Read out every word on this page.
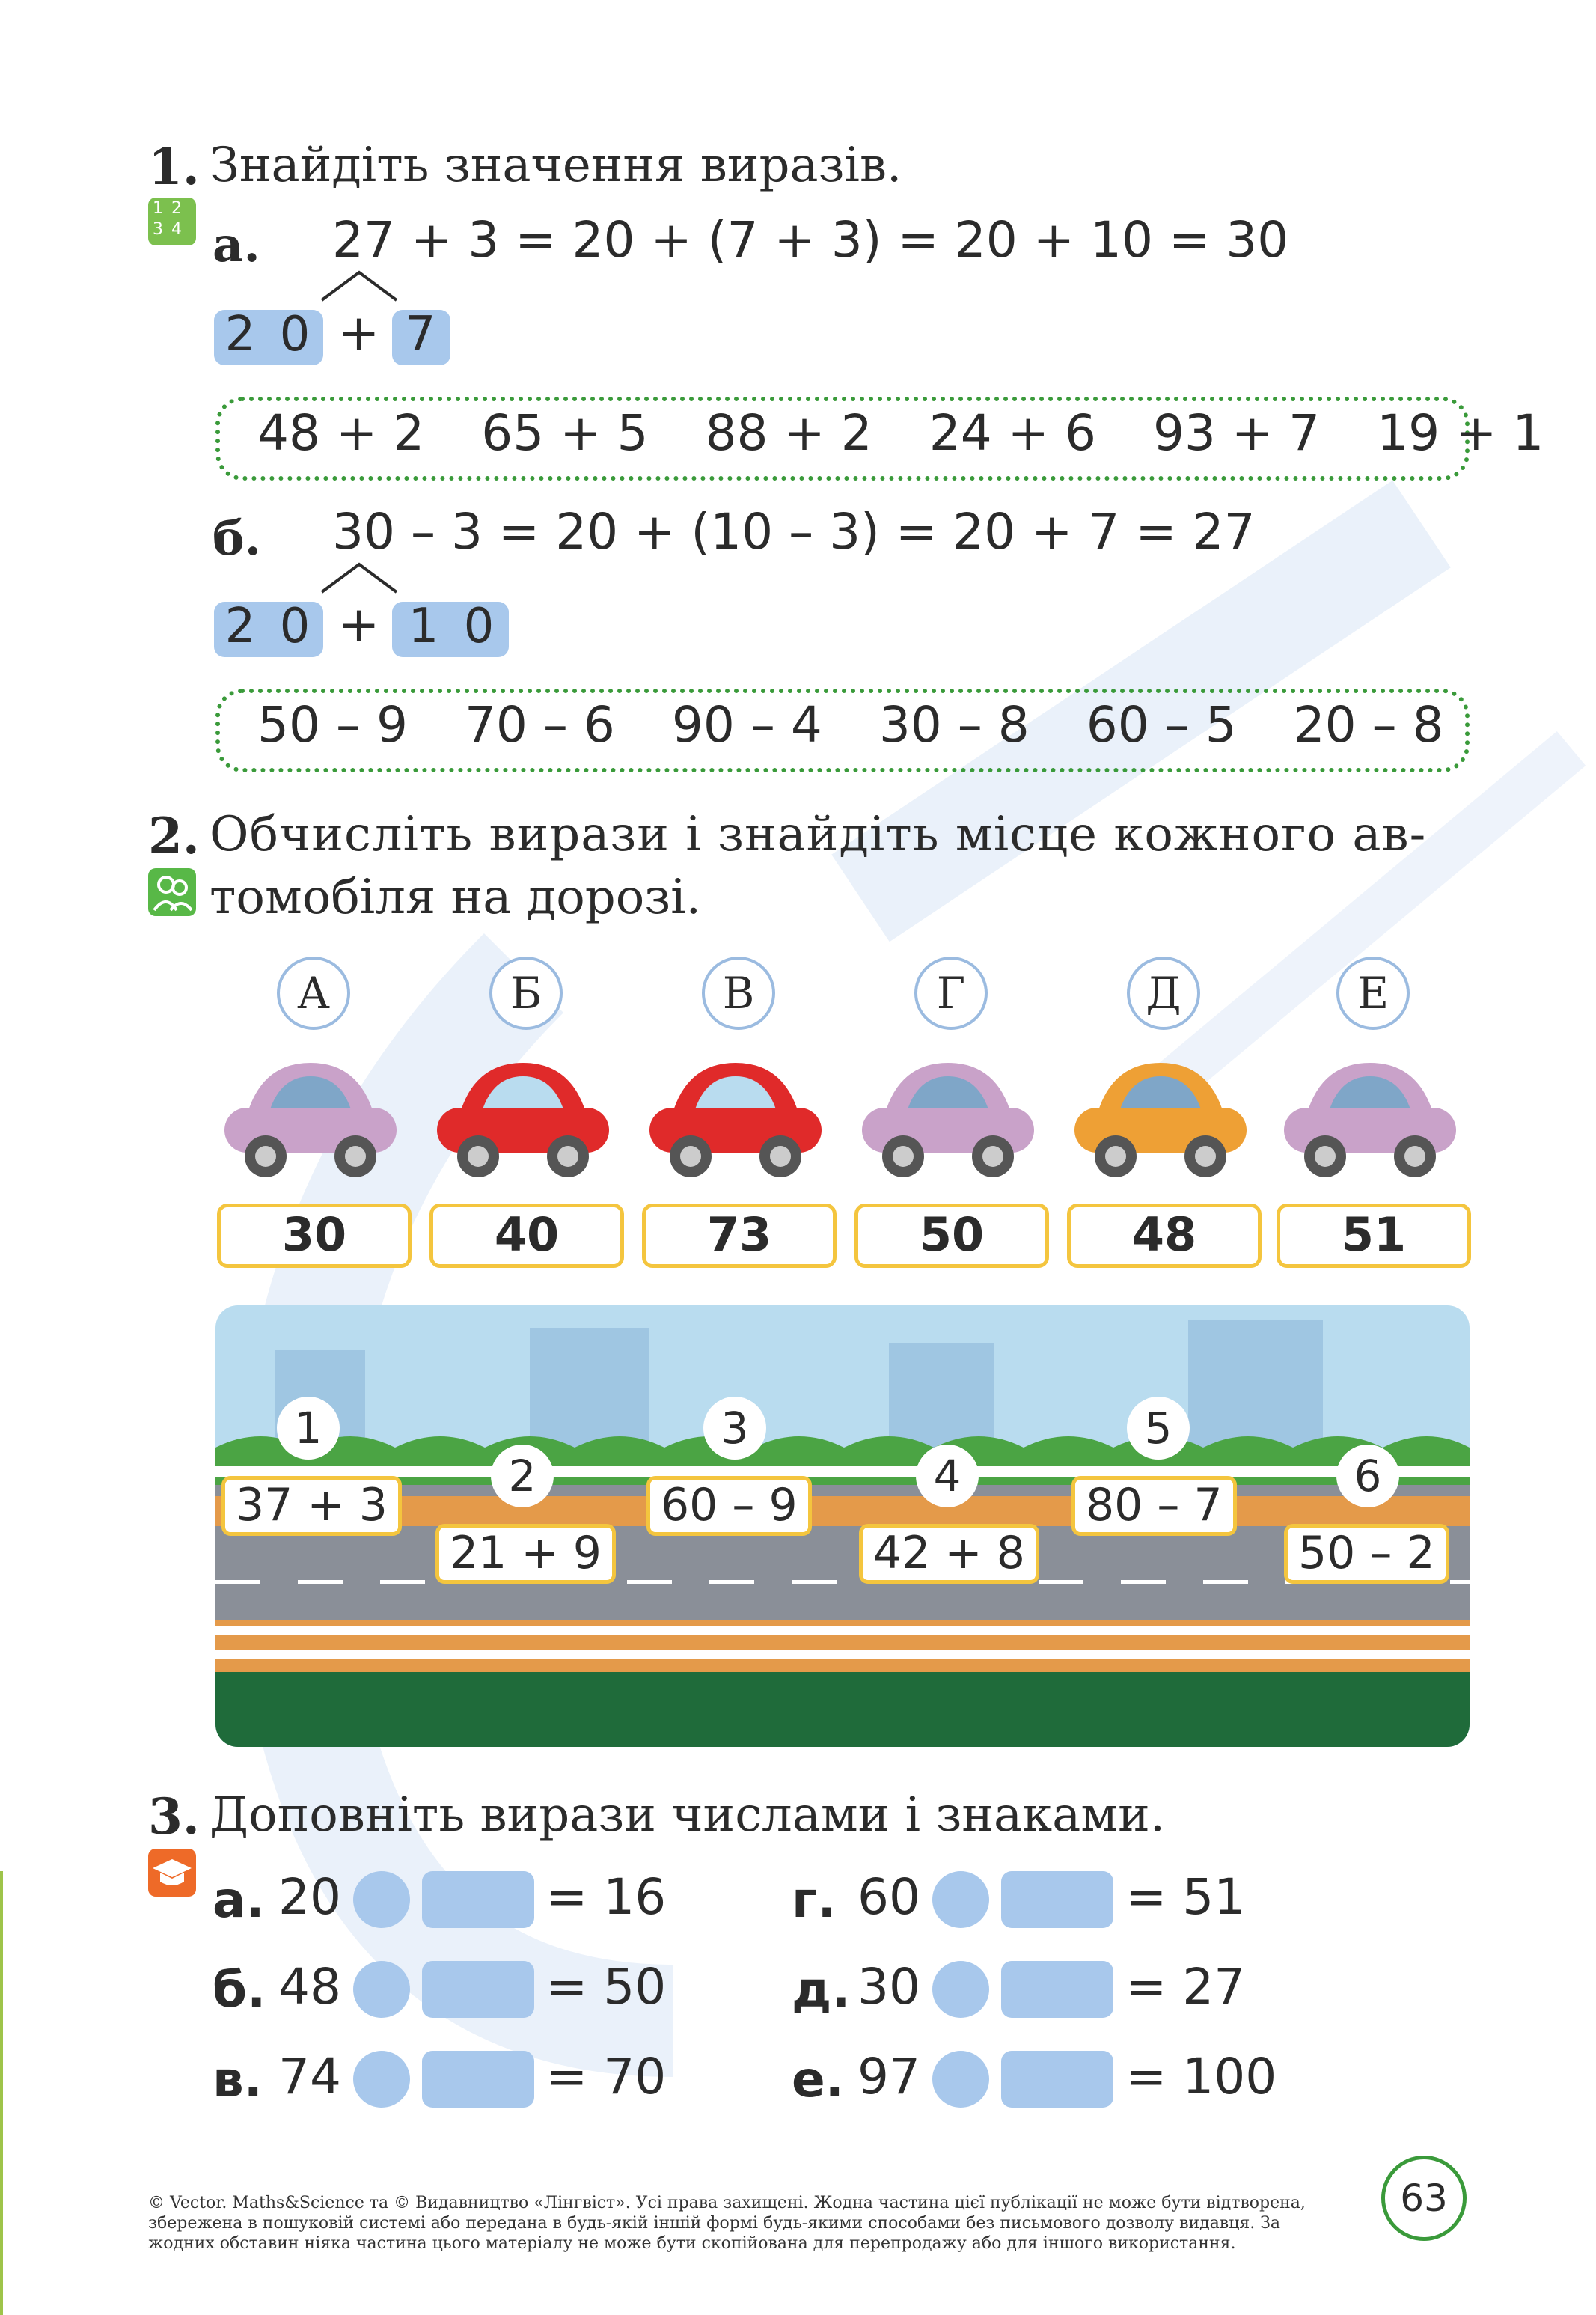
1. Знайдіть значення виразів.
1 2
3 4 а. 27 + 3 = 20 + (7 + 3) = 20 + 10 = 30
2 0 + 7
48 + 2 65 + 5 88 + 2 24 + 6 93 + 7 19 + 1
б. 30 – 3 = 20 + (10 – 3) = 20 + 7 = 27
2 0 + 1 0
50 – 9 70 – 6 90 – 4 30 – 8 60 – 5 20 – 8
2. Обчисліть вирази і знайдіть місце кожного ав-
томобіля на дорозі.
А
30
Б
40
В
73
Г
50
Д
48
Е
51
1
37 + 3
2
21 + 9
3
60 – 9
4
42 + 8
5
80 – 7
6
50 – 2
3. Доповніть вирази числами і знаками.
а. 20	= 16
б. 48	= 50
в. 74	= 70
г. 60	= 51
д. 30	= 27
е. 97	= 100
© Vector. Maths&Science та © Видавництво «Лінгвіст». Усі права захищені. Жодна частина цієї публікації не може бути відтворена, збережена в пошуковій системі або передана в будь-якій іншій формі будь-якими способами без письмового дозволу видавця. За жодних обставин ніяка частина цього матеріалу не може бути скопійована для перепродажу або для іншого використання.
63
